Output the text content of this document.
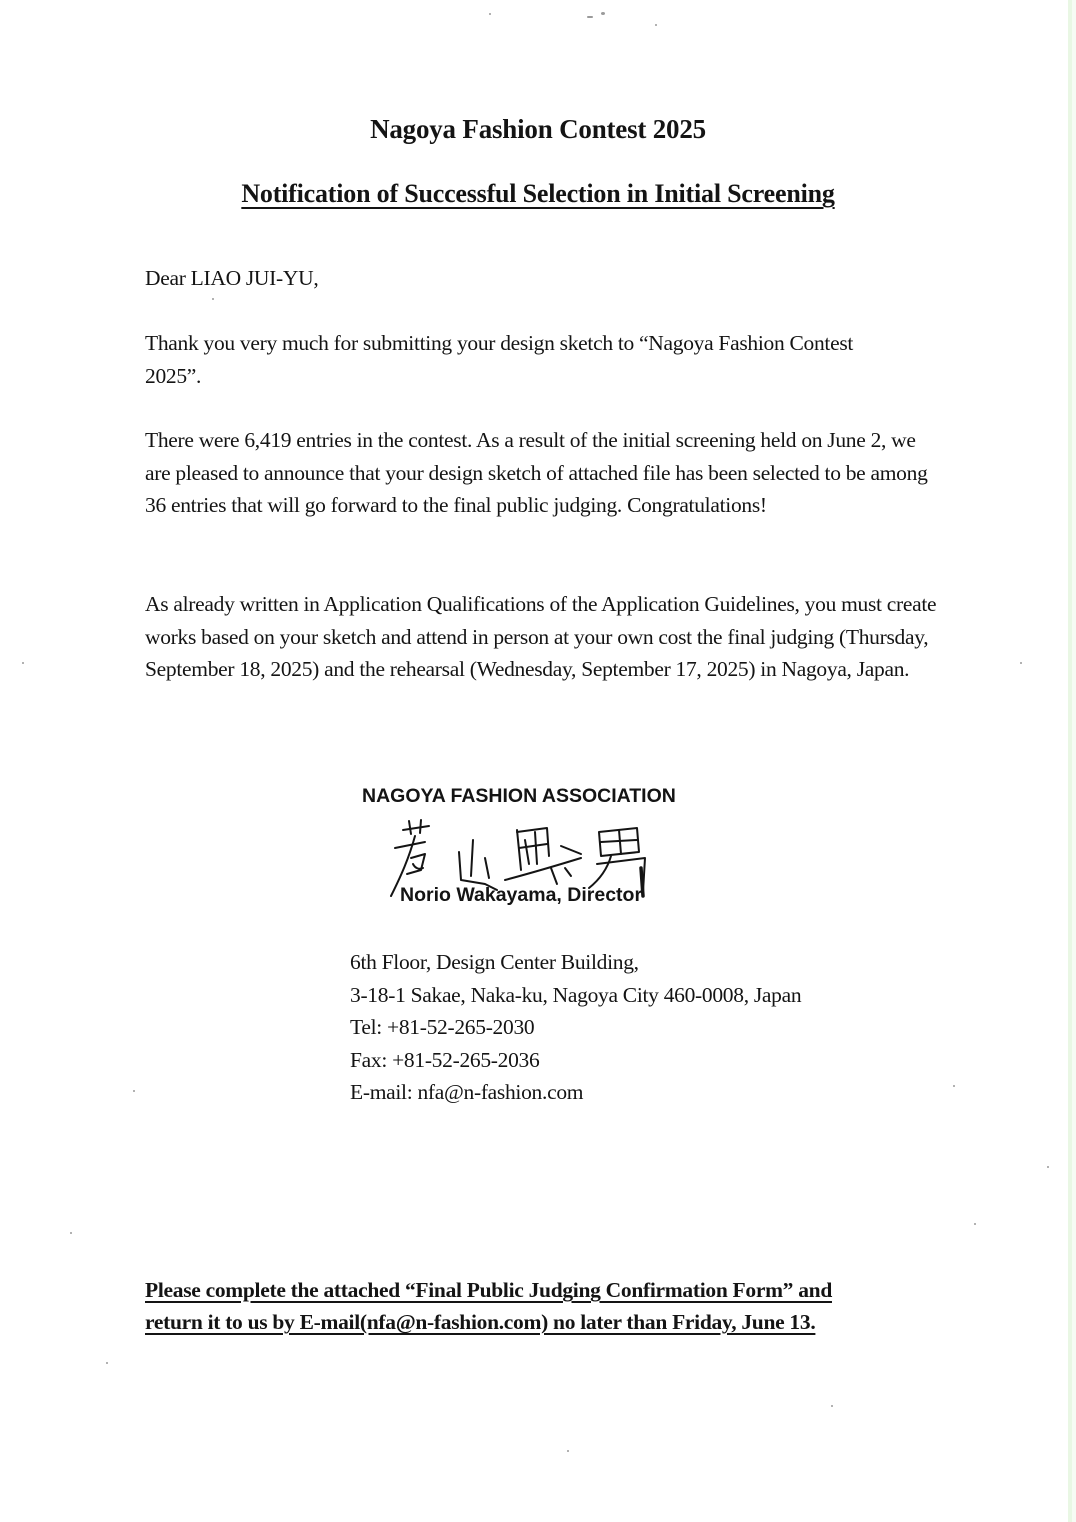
Nagoya Fashion Contest 2025
Notification of Successful Selection in Initial Screening

Dear LIAO JUI-YU,

Thank you very much for submitting your design sketch to “Nagoya Fashion Contest 2025”.

There were 6,419 entries in the contest. As a result of the initial screening held on June 2, we are pleased to announce that your design sketch of attached file has been selected to be among 36 entries that will go forward to the final public judging. Congratulations!

As already written in Application Qualifications of the Application Guidelines, you must create works based on your sketch and attend in person at your own cost the final judging (Thursday, September 18, 2025) and the rehearsal (Wednesday, September 17, 2025) in Nagoya, Japan.

NAGOYA FASHION ASSOCIATION
Norio Wakayama, Director
6th Floor, Design Center Building,
3-18-1 Sakae, Naka-ku, Nagoya City 460-0008, Japan
Tel: +81-52-265-2030
Fax: +81-52-265-2036
E-mail: nfa@n-fashion.com
Please complete the attached “Final Public Judging Confirmation Form” and
return it to us by E-mail(nfa@n-fashion.com) no later than Friday, June 13.
